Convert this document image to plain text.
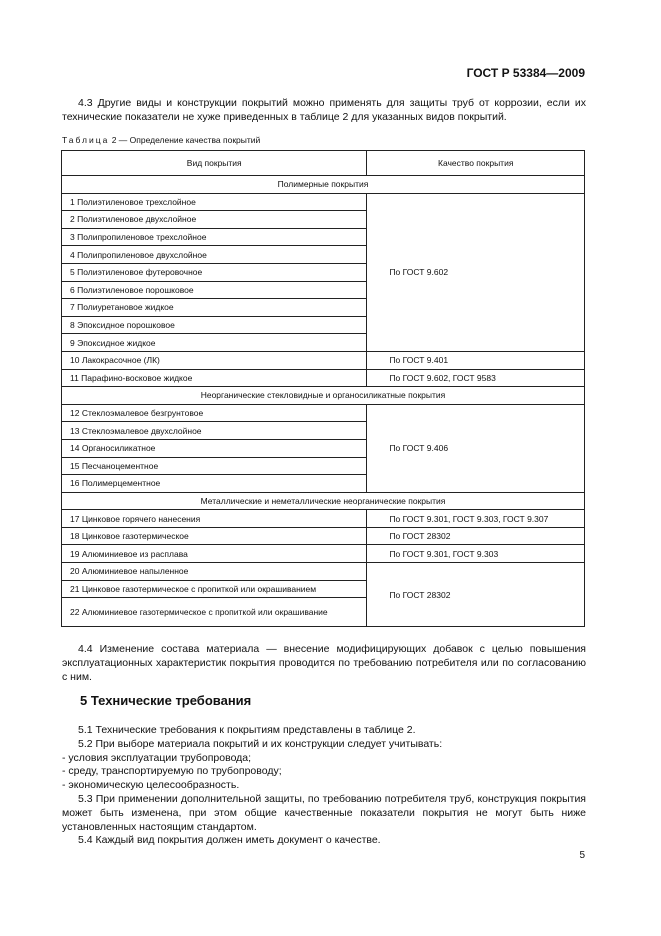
ГОСТ Р 53384—2009
4.3 Другие виды и конструкции покрытий можно применять для защиты труб от коррозии, если их технические показатели не хуже приведенных в таблице 2 для указанных видов покрытий.
Таблица 2 — Определение качества покрытий
Вид покрытия	Качество покрытия
Полимерные покрытия	
1 Полиэтиленовое трехслойное	По ГОСТ 9.602
2 Полиэтиленовое двухслойное	
3 Полипропиленовое трехслойное	
4 Полипропиленовое двухслойное	
5 Полиэтиленовое футеровочное	
6 Полиэтиленовое порошковое	
7 Полиуретановое жидкое	
8 Эпоксидное порошковое	
9 Эпоксидное жидкое	
10 Лакокрасочное (ЛК)	По ГОСТ 9.401
11 Парафино-восковое жидкое	По ГОСТ 9.602, ГОСТ 9583
Неорганические стекловидные и органосиликатные покрытия	
12 Стеклоэмалевое безгрунтовое	По ГОСТ 9.406
13 Стеклоэмалевое двухслойное	
14 Органосиликатное	
15 Песчаноцементное	
16 Полимерцементное	
Металлические и неметаллические неорганические покрытия	
17 Цинковое горячего нанесения	По ГОСТ 9.301, ГОСТ 9.303, ГОСТ 9.307
18 Цинковое газотермическое	По ГОСТ 28302
19 Алюминиевое из расплава	По ГОСТ 9.301, ГОСТ 9.303
20 Алюминиевое напыленное	По ГОСТ 28302
21 Цинковое газотермическое с пропиткой или окрашиванием	
22 Алюминиевое газотермическое с пропиткой или окрашивание	
4.4 Изменение состава материала — внесение модифицирующих добавок с целью повышения эксплуатационных характеристик покрытия проводится по требованию потребителя или по согласованию с ним.
5 Технические требования
5.1 Технические требования к покрытиям представлены в таблице 2.
5.2 При выборе материала покрытий и их конструкции следует учитывать:
- условия эксплуатации трубопровода;
- среду, транспортируемую по трубопроводу;
- экономическую целесообразность.
5.3 При применении дополнительной защиты, по требованию потребителя труб, конструкция покрытия может быть изменена, при этом общие качественные показатели покрытия не могут быть ниже установленных настоящим стандартом.
5.4 Каждый вид покрытия должен иметь документ о качестве.
5
